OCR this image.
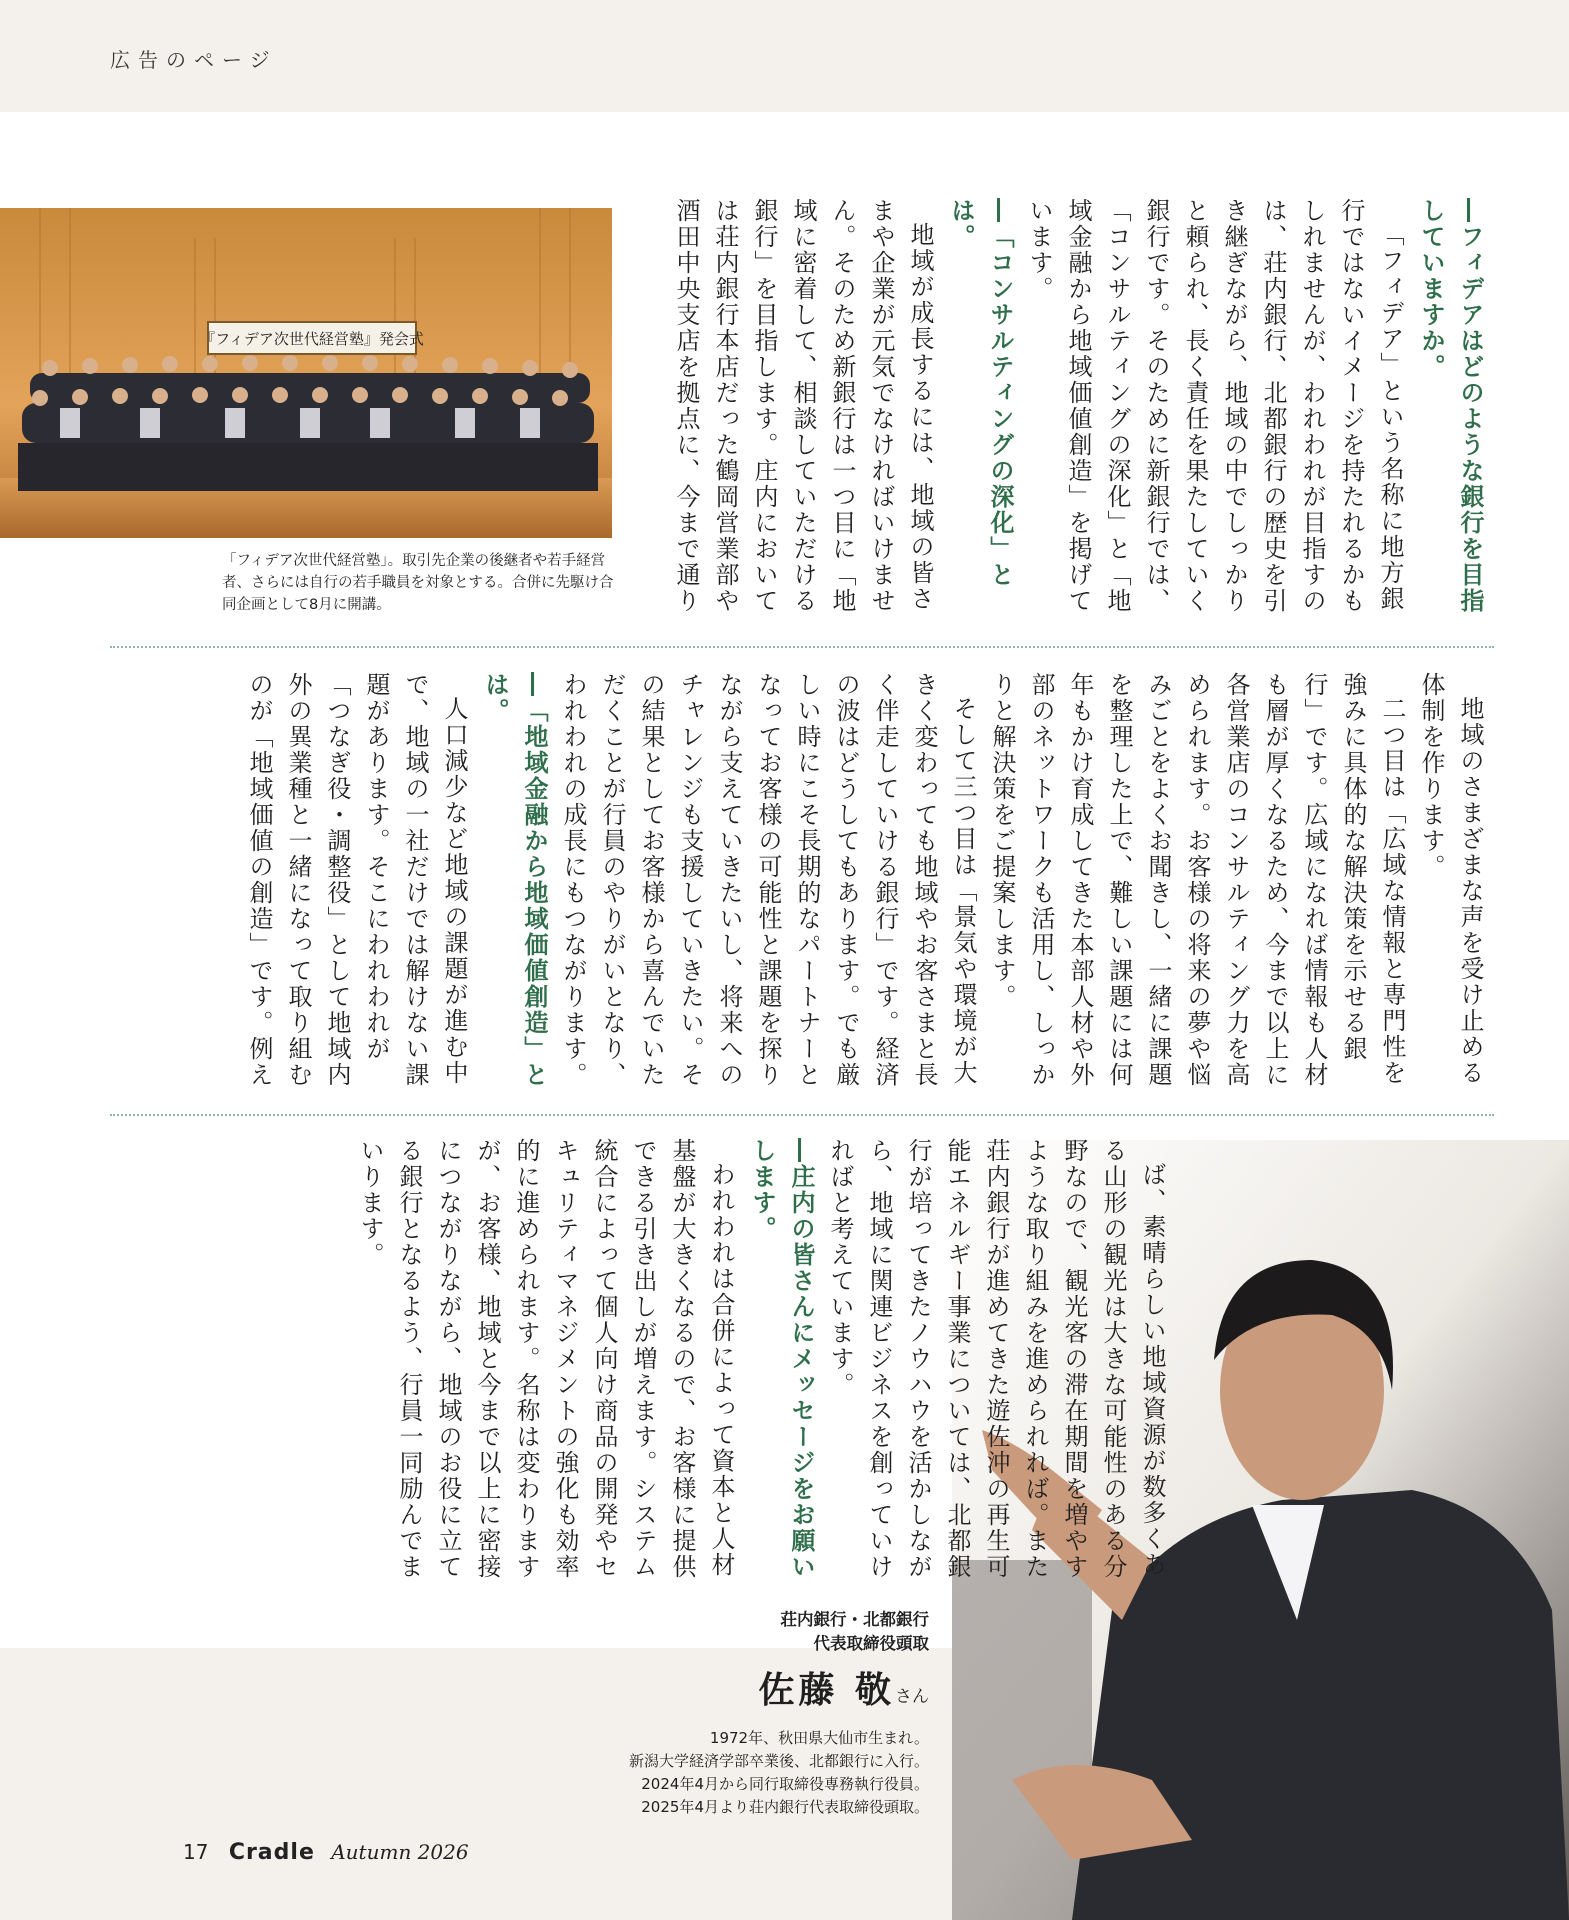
広告のページ
『フィデア次世代経営塾』発会式
「フィデア次世代経営塾」。取引先企業の後継者や若手経営者、さらには自行の若手職員を対象とする。合併に先駆け合同企画として8月に開講。	―フィデアはどのような銀行を目指していますか。

「フィデア」という名称に地方銀行ではないイメージを持たれるかもしれませんが、われわれが目指すのは、荘内銀行、北都銀行の歴史を引き継ぎながら、地域の中でしっかりと頼られ、長く責任を果たしていく銀行です。そのために新銀行では、「コンサルティングの深化」と「地域金融から地域価値創造」を掲げています。

―「コンサルティングの深化」とは。

地域が成長するには、地域の皆さまや企業が元気でなければいけません。そのため新銀行は一つ目に「地域に密着して、相談していただける銀行」を目指します。庄内においては荘内銀行本店だった鶴岡営業部や酒田中央支店を拠点に、今まで通り

地域のさまざまな声を受け止める体制を作ります。

二つ目は「広域な情報と専門性を強みに具体的な解決策を示せる銀行」です。広域になれば情報も人材も層が厚くなるため、今まで以上に各営業店のコンサルティング力を高められます。お客様の将来の夢や悩みごとをよくお聞きし、一緒に課題を整理した上で、難しい課題には何年もかけ育成してきた本部人材や外部のネットワークも活用し、しっかりと解決策をご提案します。

そして三つ目は「景気や環境が大きく変わっても地域やお客さまと長く伴走していける銀行」です。経済の波はどうしてもあります。でも厳しい時にこそ長期的なパートナーとなってお客様の可能性と課題を探りながら支えていきたいし、将来へのチャレンジも支援していきたい。その結果としてお客様から喜んでいただくことが行員のやりがいとなり、われわれの成長にもつながります。

―「地域金融から地域価値創造」とは。

人口減少など地域の課題が進む中で、地域の一社だけでは解けない課題があります。そこにわれわれが「つなぎ役・調整役」として地域内外の異業種と一緒になって取り組むのが「地域価値の創造」です。例え

ば、素晴らしい地域資源が数多くある山形の観光は大きな可能性のある分野なので、観光客の滞在期間を増やすような取り組みを進められれば。また荘内銀行が進めてきた遊佐沖の再生可能エネルギー事業については、北都銀行が培ってきたノウハウを活かしながら、地域に関連ビジネスを創っていければと考えています。

―庄内の皆さんにメッセージをお願いします。

われわれは合併によって資本と人材基盤が大きくなるので、お客様に提供できる引き出しが増えます。システム統合によって個人向け商品の開発やセキュリティマネジメントの強化も効率的に進められます。名称は変わりますが、お客様、地域と今まで以上に密接につながりながら、地域のお役に立てる銀行となるよう、行員一同励んでまいります。

荘内銀行・北都銀行
代表取締役頭取
佐藤 敬さん
1972年、秋田県大仙市生まれ。
新潟大学経済学部卒業後、北都銀行に入行。
2024年4月から同行取締役専務執行役員。
2025年4月より荘内銀行代表取締役頭取。
17 Cradle Autumn 2026
